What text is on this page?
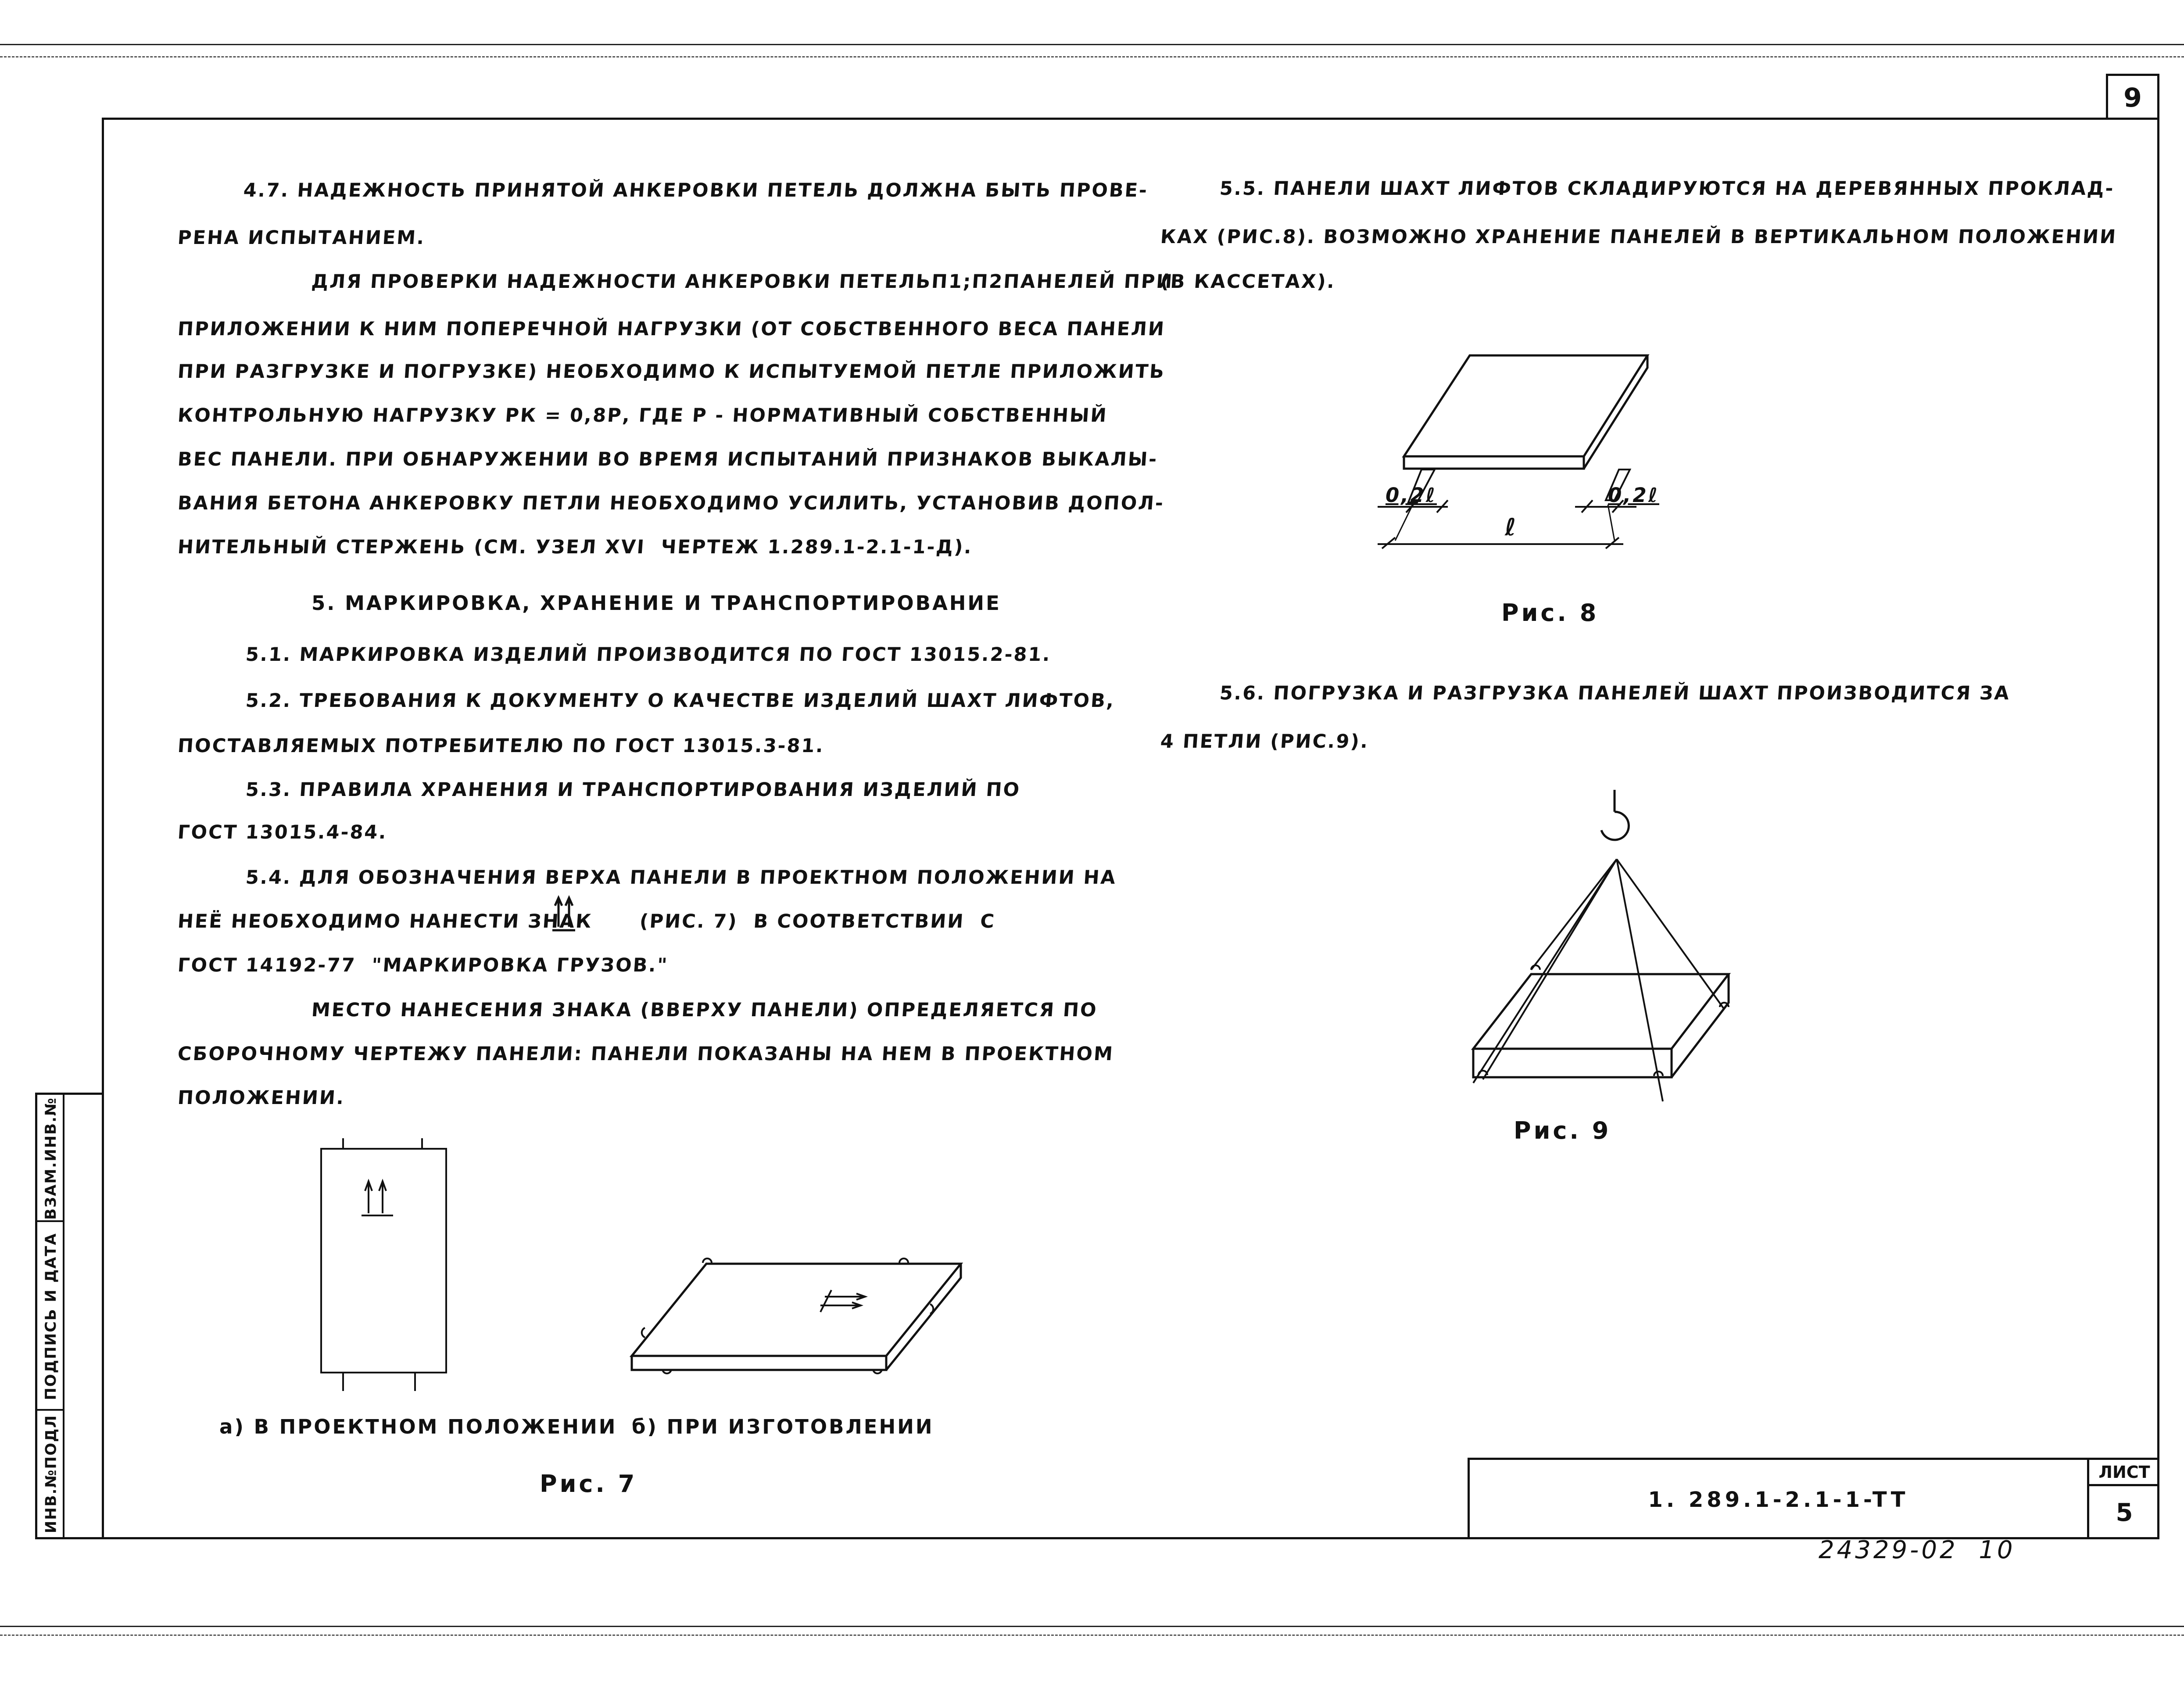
9
ВЗАМ.ИНВ.№
ПОДПИСЬ И ДАТА
ИНВ.№ПОДЛ
4.7. НАДЕЖНОСТЬ ПРИНЯТОЙ АНКЕРОВКИ ПЕТЕЛЬ ДОЛЖНА БЫТЬ ПРОВЕ-
РЕНА ИСПЫТАНИЕМ.
ДЛЯ ПРОВЕРКИ НАДЕЖНОСТИ АНКЕРОВКИ ПЕТЕЛЬП1;П2ПАНЕЛЕЙ ПРИ
ПРИЛОЖЕНИИ К НИМ ПОПЕРЕЧНОЙ НАГРУЗКИ (ОТ СОБСТВЕННОГО ВЕСА ПАНЕЛИ
ПРИ РАЗГРУЗКЕ И ПОГРУЗКЕ) НЕОБХОДИМО К ИСПЫТУЕМОЙ ПЕТЛЕ ПРИЛОЖИТЬ
КОНТРОЛЬНУЮ НАГРУЗКУ РК = 0,8Р, ГДЕ Р - НОРМАТИВНЫЙ СОБСТВЕННЫЙ
ВЕС ПАНЕЛИ. ПРИ ОБНАРУЖЕНИИ ВО ВРЕМЯ ИСПЫТАНИЙ ПРИЗНАКОВ ВЫКАЛЫ-
ВАНИЯ БЕТОНА АНКЕРОВКУ ПЕТЛИ НЕОБХОДИМО УСИЛИТЬ, УСТАНОВИВ ДОПОЛ-
НИТЕЛЬНЫЙ СТЕРЖЕНЬ (СМ. УЗЕЛ XVI  ЧЕРТЕЖ 1.289.1-2.1-1-Д).
5. МАРКИРОВКА, ХРАНЕНИЕ И ТРАНСПОРТИРОВАНИЕ
5.1. МАРКИРОВКА ИЗДЕЛИЙ ПРОИЗВОДИТСЯ ПО ГОСТ 13015.2-81.
5.2. ТРЕБОВАНИЯ К ДОКУМЕНТУ О КАЧЕСТВЕ ИЗДЕЛИЙ ШАХТ ЛИФТОВ,
ПОСТАВЛЯЕМЫХ ПОТРЕБИТЕЛЮ ПО ГОСТ 13015.3-81.
5.3. ПРАВИЛА ХРАНЕНИЯ И ТРАНСПОРТИРОВАНИЯ ИЗДЕЛИЙ ПО
ГОСТ 13015.4-84.
5.4. ДЛЯ ОБОЗНАЧЕНИЯ ВЕРХА ПАНЕЛИ В ПРОЕКТНОМ ПОЛОЖЕНИИ НА
НЕЁ НЕОБХОДИМО НАНЕСТИ ЗНАК      (РИС. 7)  В СООТВЕТСТВИИ  С
ГОСТ 14192-77  "МАРКИРОВКА ГРУЗОВ."
МЕСТО НАНЕСЕНИЯ ЗНАКА (ВВЕРХУ ПАНЕЛИ) ОПРЕДЕЛЯЕТСЯ ПО
СБОРОЧНОМУ ЧЕРТЕЖУ ПАНЕЛИ: ПАНЕЛИ ПОКАЗАНЫ НА НЕМ В ПРОЕКТНОМ
ПОЛОЖЕНИИ.
5.5. ПАНЕЛИ ШАХТ ЛИФТОВ СКЛАДИРУЮТСЯ НА ДЕРЕВЯННЫХ ПРОКЛАД-
КАХ (РИС.8). ВОЗМОЖНО ХРАНЕНИЕ ПАНЕЛЕЙ В ВЕРТИКАЛЬНОМ ПОЛОЖЕНИИ
(В КАССЕТАХ).
5.6. ПОГРУЗКА И РАЗГРУЗКА ПАНЕЛЕЙ ШАХТ ПРОИЗВОДИТСЯ ЗА
4 ПЕТЛИ (РИС.9).
а) В ПРОЕКТНОМ ПОЛОЖЕНИИ б) ПРИ ИЗГОТОВЛЕНИИ
Рис. 7
0,2ℓ	0,2ℓ
ℓ
Рис. 8
Рис. 9
1. 289.1-2.1-1-TT
ЛИСТ
5
24329-02  10
